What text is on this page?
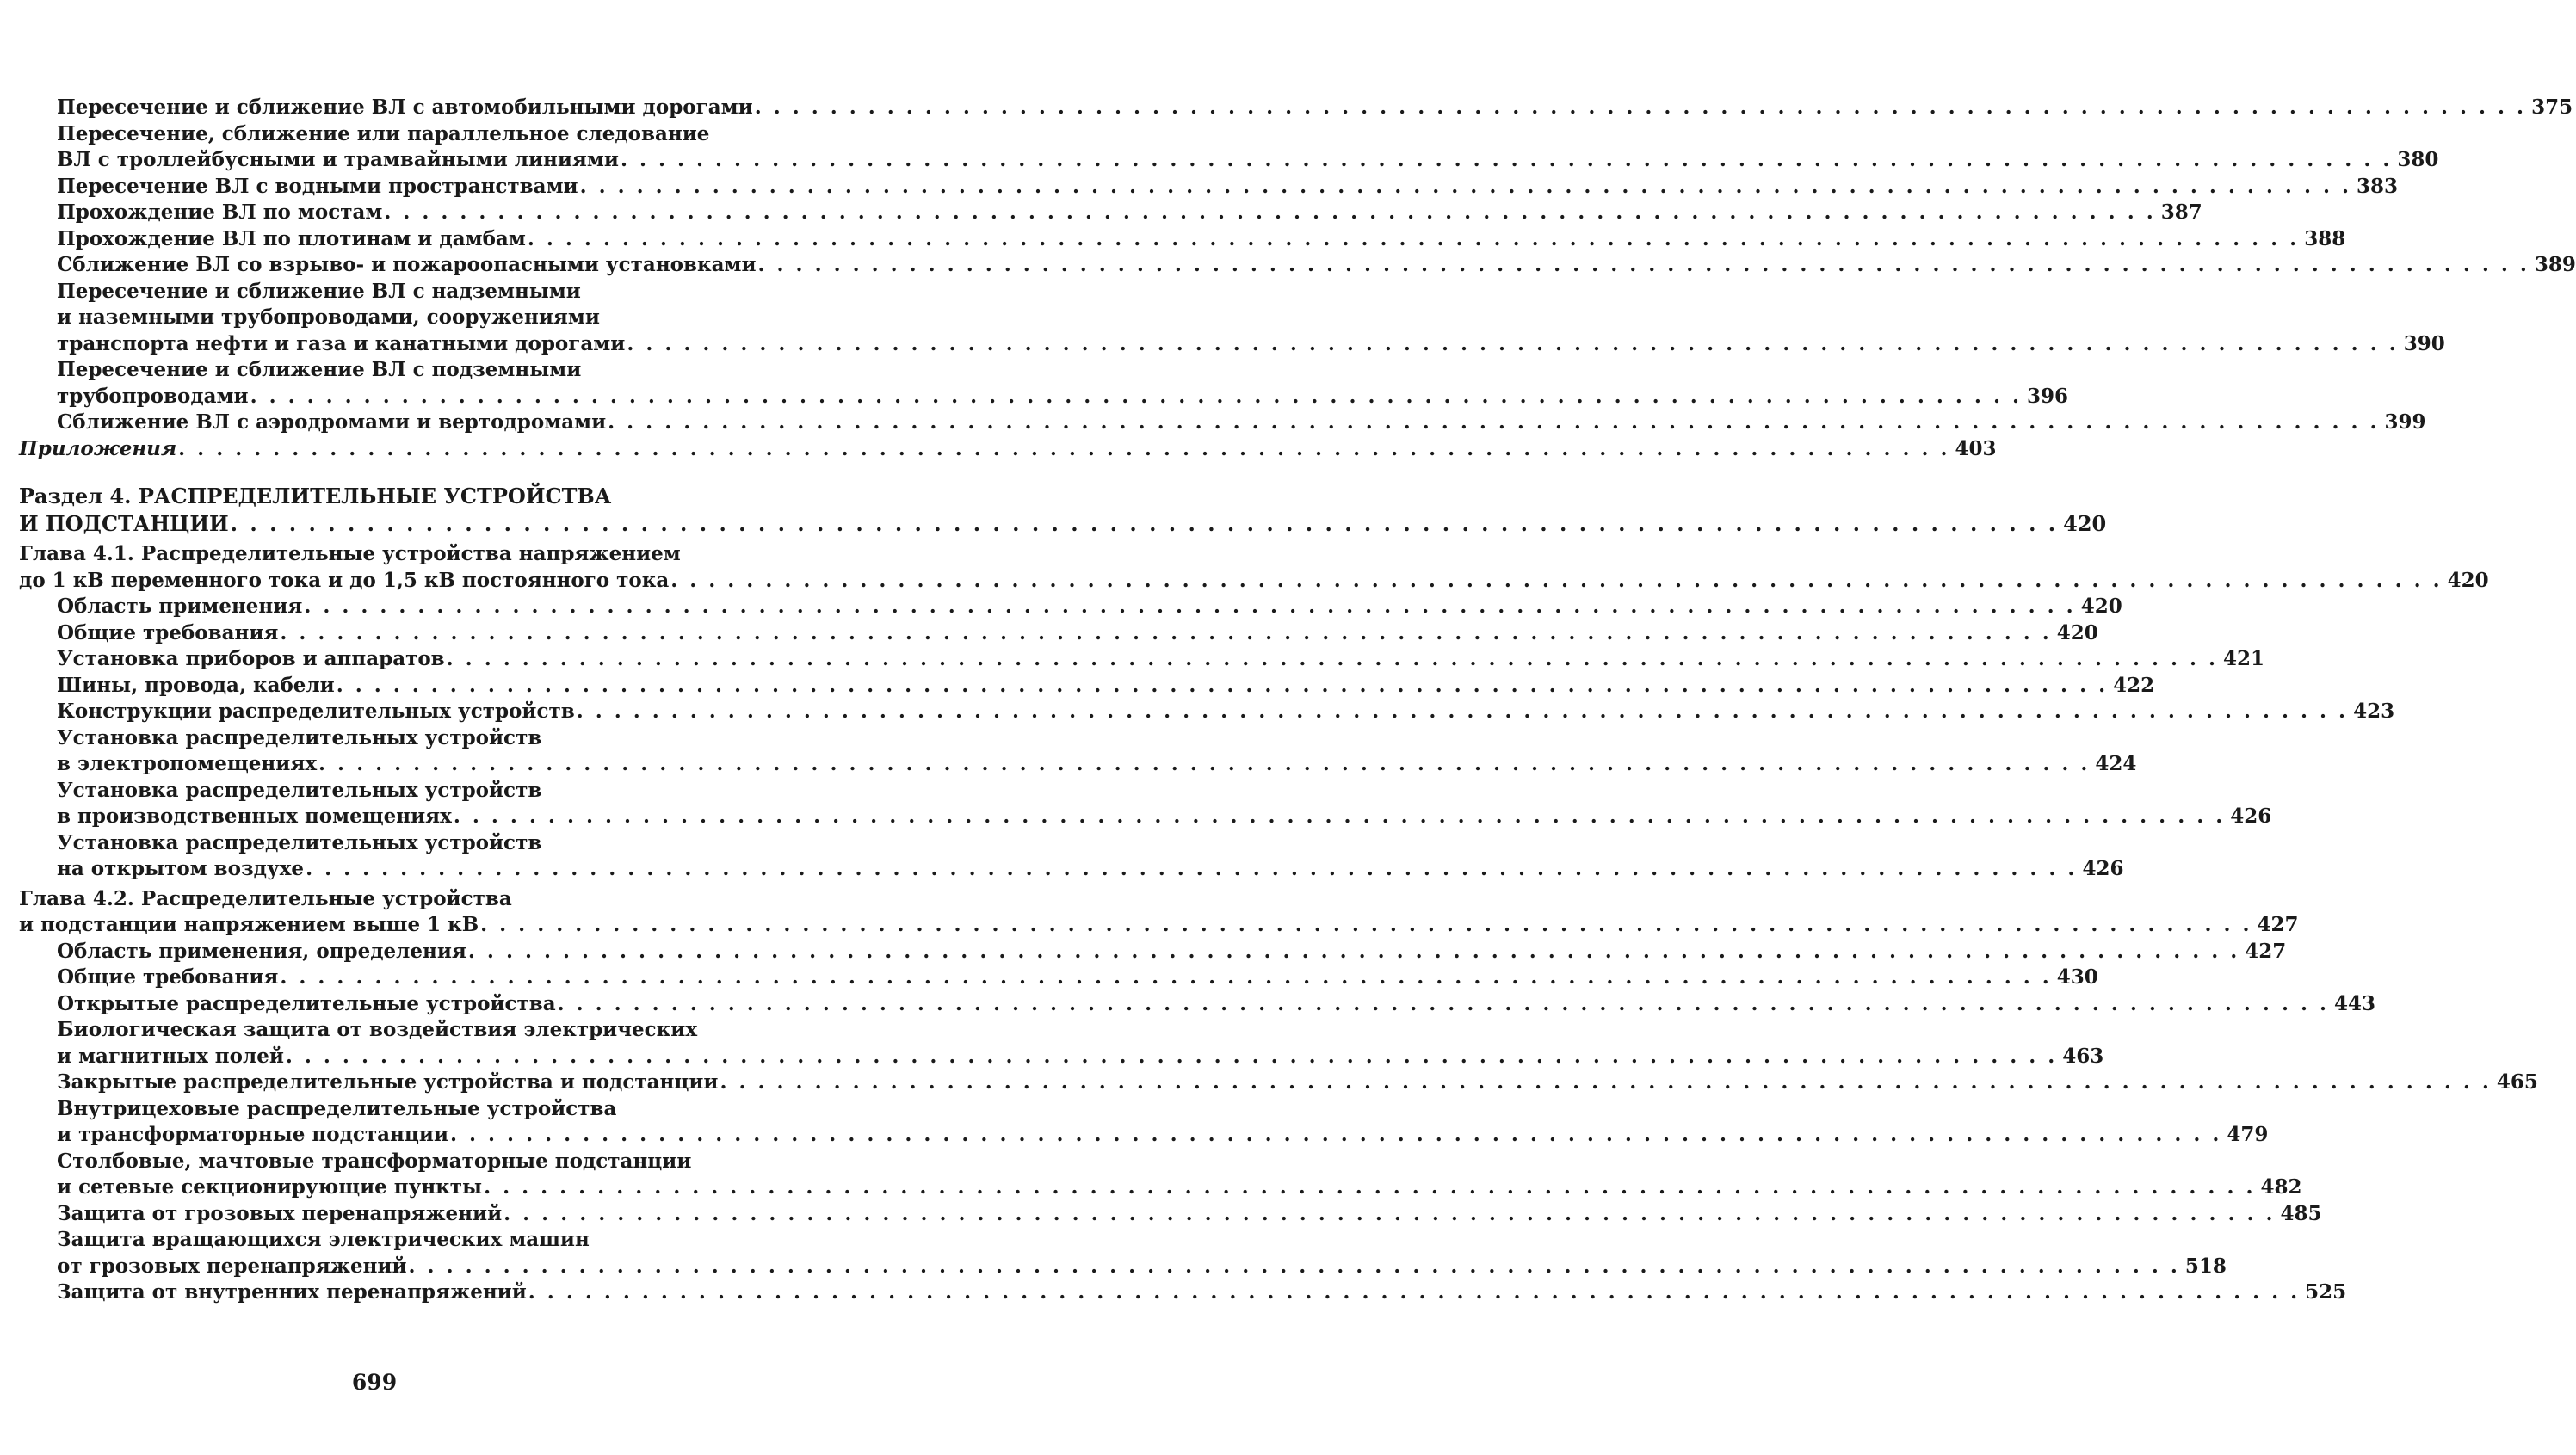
Пересечение и сближение ВЛ с автомобильными дорогами . . .	375
Пересечение, сближение или параллельное следование
ВЛ с троллейбусными и трамвайными линиями . . .	380
Пересечение ВЛ с водными пространствами . . .	383
Прохождение ВЛ по мостам . . .	387
Прохождение ВЛ по плотинам и дамбам . . .	388
Сближение ВЛ со взрыво- и пожароопасными установками . . .	389
Пересечение и сближение ВЛ с надземными
и наземными трубопроводами, сооружениями
транспорта нефти и газа и канатными дорогами . . .	390
Пересечение и сближение ВЛ с подземными
трубопроводами . . .	396
Сближение ВЛ с аэродромами и вертодромами . . .	399
Приложения . . .	403
Раздел 4. РАСПРЕДЕЛИТЕЛЬНЫЕ УСТРОЙСТВА
И ПОДСТАНЦИИ . . .	420
Глава 4.1. Распределительные устройства напряжением
до 1 кВ переменного тока и до 1,5 кВ постоянного тока . . .	420
Область применения . . .	420
Общие требования . . .	420
Установка приборов и аппаратов . . .	421
Шины, провода, кабели . . .	422
Конструкции распределительных устройств . . .	423
Установка распределительных устройств
в электропомещениях . . .	424
Установка распределительных устройств
в производственных помещениях . . .	426
Установка распределительных устройств
на открытом воздухе . . .	426
Глава 4.2. Распределительные устройства
и подстанции напряжением выше 1 кВ . . .	427
Область применения, определения . . .	427
Общие требования . . .	430
Открытые распределительные устройства . . .	443
Биологическая защита от воздействия электрических
и магнитных полей . . .	463
Закрытые распределительные устройства и подстанции . . .	465
Внутрицеховые распределительные устройства
и трансформаторные подстанции . . .	479
Столбовые, мачтовые трансформаторные подстанции
и сетевые секционирующие пункты . . .	482
Защита от грозовых перенапряжений . . .	485
Защита вращающихся электрических машин
от грозовых перенапряжений . . .	518
Защита от внутренних перенапряжений . . .	525
699
